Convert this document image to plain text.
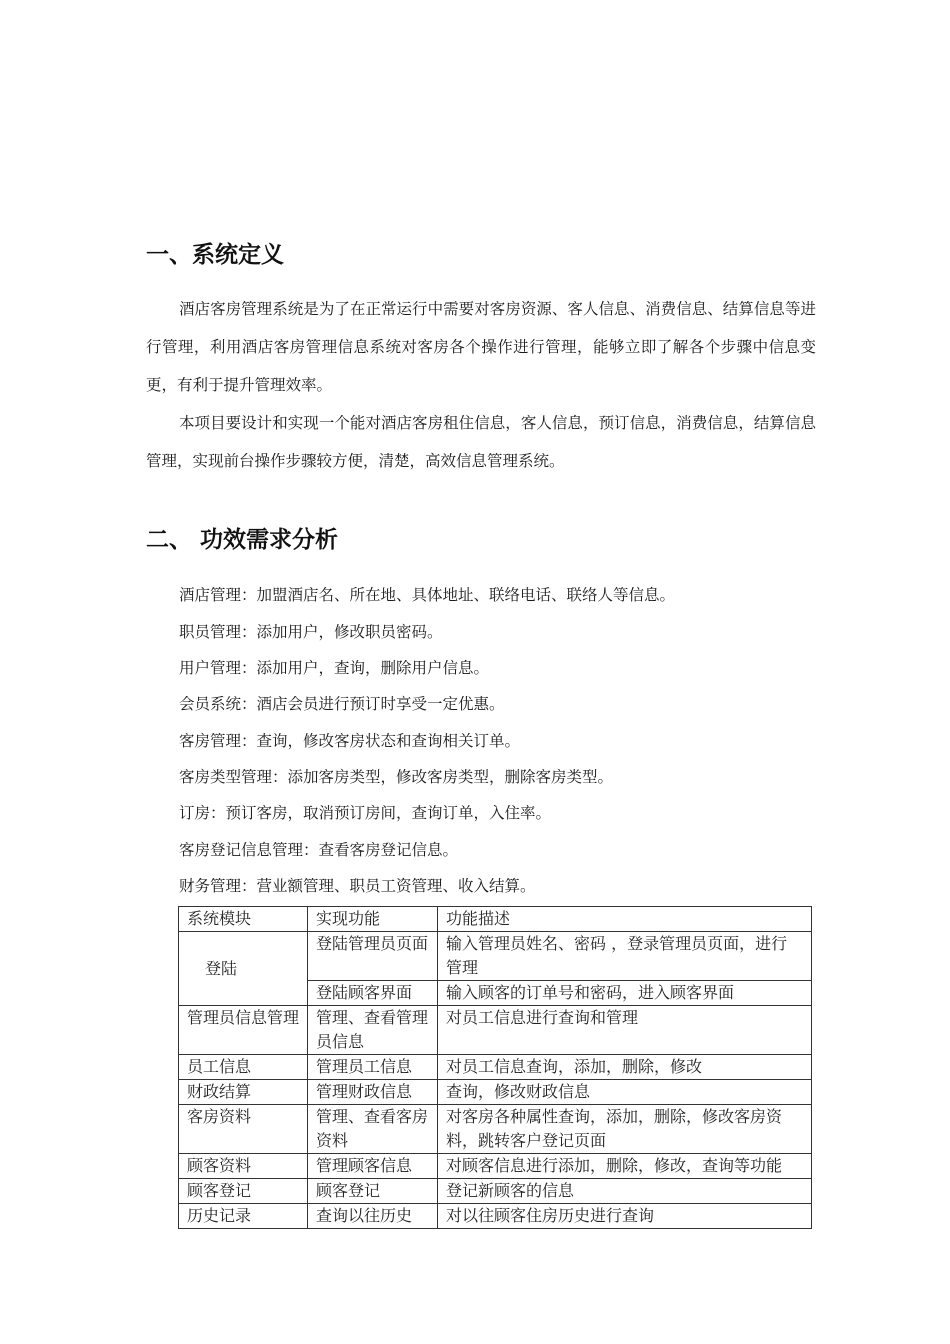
一、系统定义

酒店客房管理系统是为了在正常运行中需要对客房资源、客人信息、消费信息、结算信息等进行管理，利用酒店客房管理信息系统对客房各个操作进行管理，能够立即了解各个步骤中信息变更，有利于提升管理效率。

本项目要设计和实现一个能对酒店客房租住信息，客人信息，预订信息，消费信息，结算信息管理，实现前台操作步骤较方便，清楚，高效信息管理系统。

二、 功效需求分析
酒店管理：加盟酒店名、所在地、具体地址、联络电话、联络人等信息。
职员管理：添加用户，修改职员密码。
用户管理：添加用户，查询，删除用户信息。
会员系统：酒店会员进行预订时享受一定优惠。
客房管理：查询，修改客房状态和查询相关订单。
客房类型管理：添加客房类型，修改客房类型，删除客房类型。
订房：预订客房，取消预订房间，查询订单，入住率。
客房登记信息管理：查看客房登记信息。
财务管理：营业额管理、职员工资管理、收入结算。
系统模块	实现功能	功能描述
登陆	登陆管理员页面	输入管理员姓名、密码 ，登录管理员页面，进行管理
	登陆顾客界面	输入顾客的订单号和密码，进入顾客界面
管理员信息管理	管理、查看管理员信息	对员工信息进行查询和管理
员工信息	管理员工信息	对员工信息查询，添加，删除，修改
财政结算	管理财政信息	查询，修改财政信息
客房资料	管理、查看客房资料	对客房各种属性查询，添加，删除，修改客房资料，跳转客户登记页面
顾客资料	管理顾客信息	对顾客信息进行添加，删除，修改，查询等功能
顾客登记	顾客登记	登记新顾客的信息
历史记录	查询以往历史	对以往顾客住房历史进行查询
